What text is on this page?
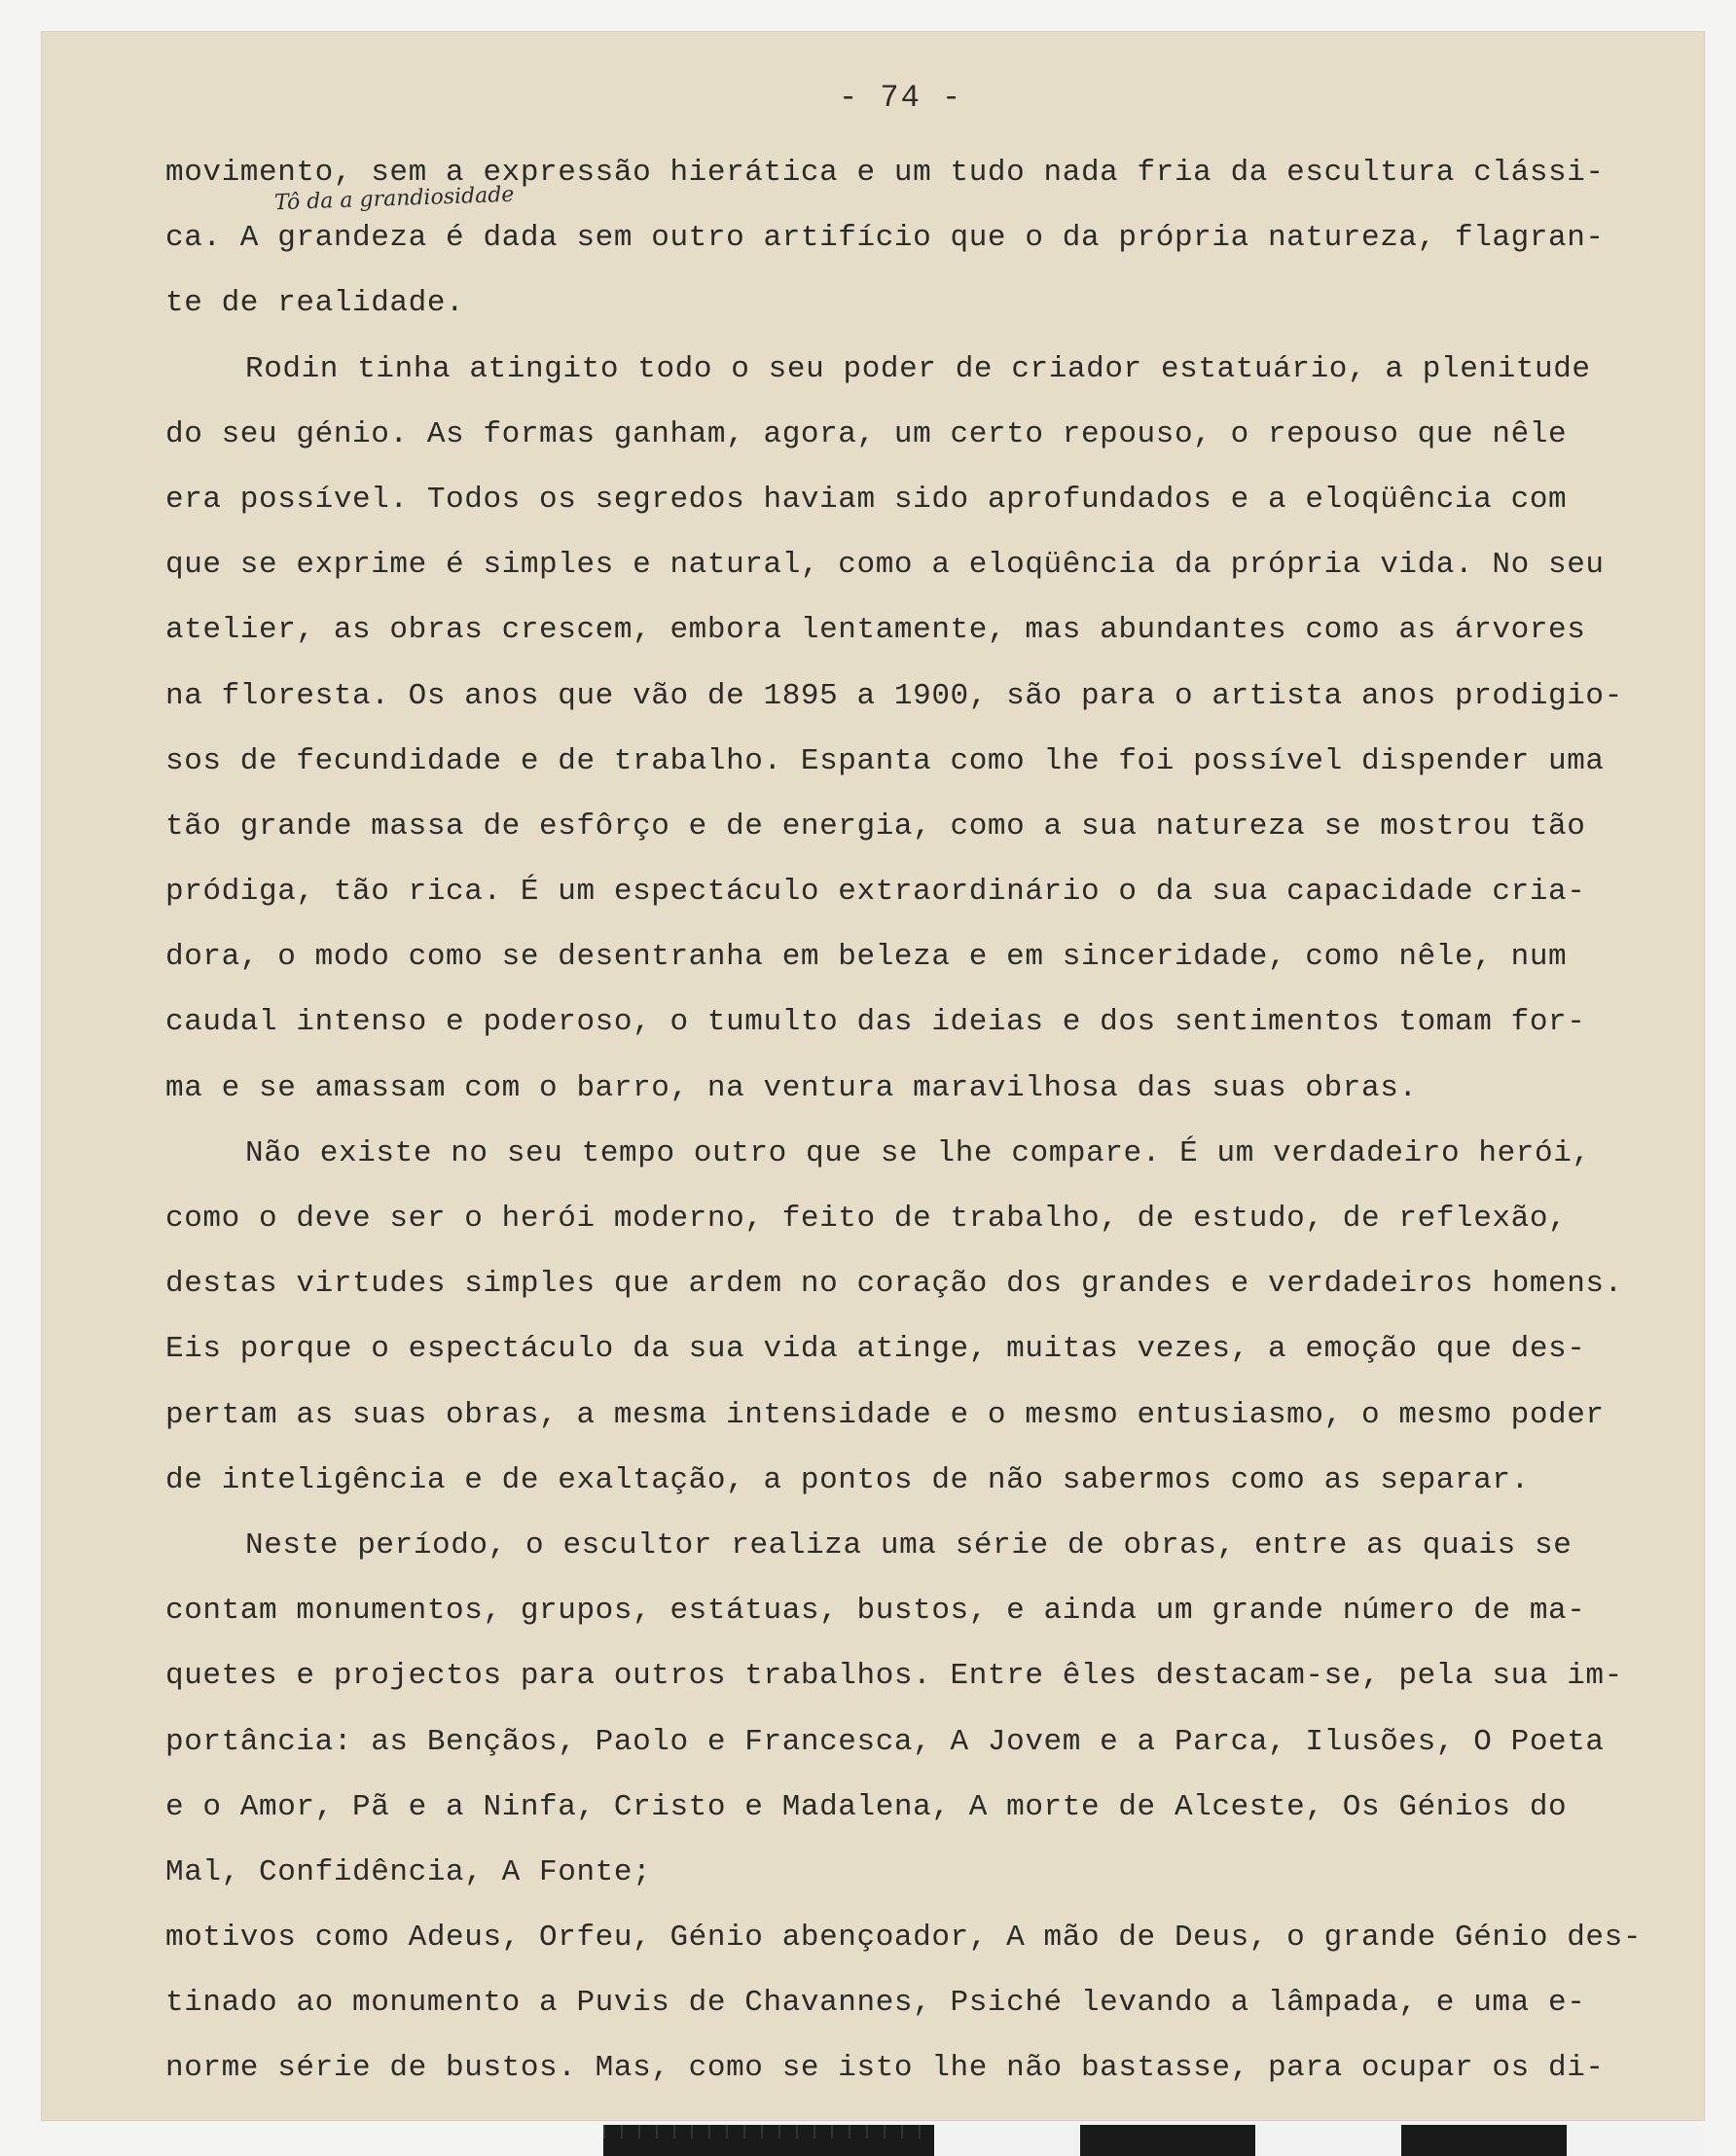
- 74 -
Tô da a grandiosidade
movimento, sem a expressão hierática e um tudo nada fria da escultura clássi-
ca. A grandeza é dada sem outro artifício que o da própria natureza, flagran-
te de realidade.
Rodin tinha atingito todo o seu poder de criador estatuário, a plenitude
do seu génio. As formas ganham, agora, um certo repouso, o repouso que nêle
era possível. Todos os segredos haviam sido aprofundados e a eloqüência com
que se exprime é simples e natural, como a eloqüência da própria vida. No seu
atelier, as obras crescem, embora lentamente, mas abundantes como as árvores
na floresta. Os anos que vão de 1895 a 1900, são para o artista anos prodigio-
sos de fecundidade e de trabalho. Espanta como lhe foi possível dispender uma
tão grande massa de esfôrço e de energia, como a sua natureza se mostrou tão
pródiga, tão rica. É um espectáculo extraordinário o da sua capacidade cria-
dora, o modo como se desentranha em beleza e em sinceridade, como nêle, num
caudal intenso e poderoso, o tumulto das ideias e dos sentimentos tomam for-
ma e se amassam com o barro, na ventura maravilhosa das suas obras.
Não existe no seu tempo outro que se lhe compare. É um verdadeiro herói,
como o deve ser o herói moderno, feito de trabalho, de estudo, de reflexão,
destas virtudes simples que ardem no coração dos grandes e verdadeiros homens.
Eis porque o espectáculo da sua vida atinge, muitas vezes, a emoção que des-
pertam as suas obras, a mesma intensidade e o mesmo entusiasmo, o mesmo poder
de inteligência e de exaltação, a pontos de não sabermos como as separar.
Neste período, o escultor realiza uma série de obras, entre as quais se
contam monumentos, grupos, estátuas, bustos, e ainda um grande número de ma-
quetes e projectos para outros trabalhos. Entre êles destacam-se, pela sua im-
portância: as Bençãos, Paolo e Francesca, A Jovem e a Parca, Ilusões, O Poeta
e o Amor, Pã e a Ninfa, Cristo e Madalena, A morte de Alceste, Os Génios do
Mal, Confidência, A Fonte;
motivos como Adeus, Orfeu, Génio abençoador, A mão de Deus, o grande Génio des-
tinado ao monumento a Puvis de Chavannes, Psiché levando a lâmpada, e uma e-
norme série de bustos. Mas, como se isto lhe não bastasse, para ocupar os di-
